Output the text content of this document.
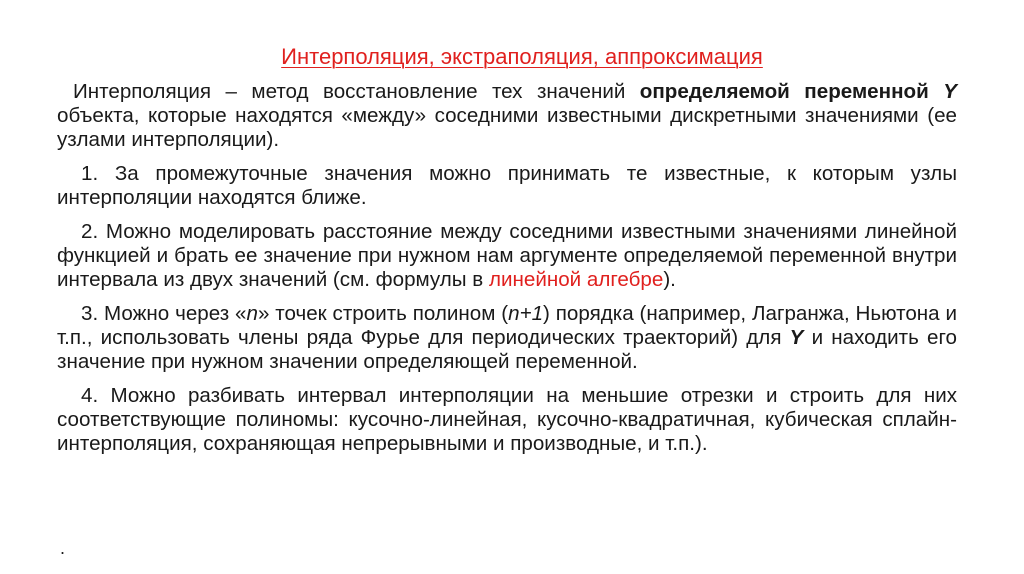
Интерполяция, экстраполяция, аппроксимация

Интерполяция – метод восстановление тех значений определяемой переменной Y объекта, которые находятся «между» соседними известными дискретными значениями (ее узлами интерполяции).

1. За промежуточные значения можно принимать те известные, к которым узлы интерполяции находятся ближе.

2. Можно моделировать расстояние между соседними известными значениями линейной функцией и брать ее значение при нужном нам аргументе определяемой переменной внутри интервала из двух значений (см. формулы в линейной алгебре).

3. Можно через «n» точек строить полином (n+1) порядка (например, Лагранжа, Ньютона и т.п., использовать члены ряда Фурье для периодических траекторий) для Y и находить его значение при нужном значении определяющей переменной.

4. Можно разбивать интервал интерполяции на меньшие отрезки и строить для них соответствующие полиномы: кусочно-линейная, кусочно-квадратичная, кубическая сплайн-интерполяция, сохраняющая непрерывными и производные, и т.п.).

.
